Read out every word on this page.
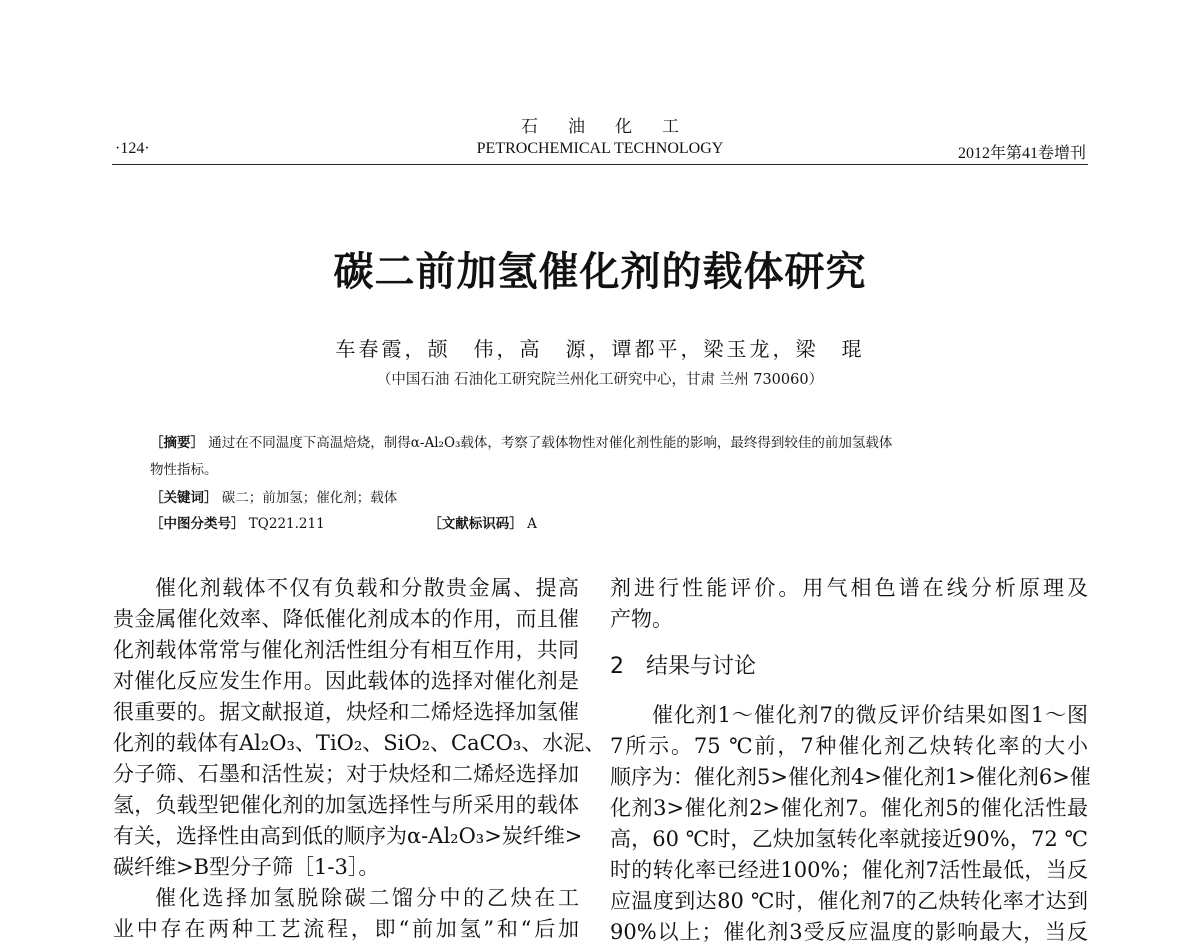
石油化工
·124·	PETROCHEMICAL TECHNOLOGY	2012年第41卷增刊
碳二前加氢催化剂的载体研究
车春霞，颉　伟，高　源，谭都平，梁玉龙，梁　琨
（中国石油 石油化工研究院兰州化工研究中心，甘肃 兰州 730060）
［摘要］ 通过在不同温度下高温焙烧，制得α-Al₂O₃载体，考察了载体物性对催化剂性能的影响，最终得到较佳的前加氢载体
物性指标。
［关键词］ 碳二；前加氢；催化剂；载体
［中图分类号］ TQ221.211	［文献标识码］ A
催化剂载体不仅有负载和分散贵金属、提高
贵金属催化效率、降低催化剂成本的作用，而且催
化剂载体常常与催化剂活性组分有相互作用，共同
对催化反应发生作用。因此载体的选择对催化剂是
很重要的。据文献报道，炔烃和二烯烃选择加氢催
化剂的载体有Al₂O₃、TiO₂、SiO₂、CaCO₃、水泥、
分子筛、石墨和活性炭；对于炔烃和二烯烃选择加
氢，负载型钯催化剂的加氢选择性与所采用的载体
有关，选择性由高到低的顺序为α-Al₂O₃>炭纤维>
碳纤维>B型分子筛［1-3］。
催化选择加氢脱除碳二馏分中的乙炔在工
业中存在两种工艺流程，即“前加氢”和“后加
剂进行性能评价。用气相色谱在线分析原理及
产物。
2　结果与讨论
催化剂1～催化剂7的微反评价结果如图1～图
7所示。75 ℃前，7种催化剂乙炔转化率的大小
顺序为：催化剂5>催化剂4>催化剂1>催化剂6>催
化剂3>催化剂2>催化剂7。催化剂5的催化活性最
高，60 ℃时，乙炔加氢转化率就接近90%，72 ℃
时的转化率已经进100%；催化剂7活性最低，当反
应温度到达80 ℃时，催化剂7的乙炔转化率才达到
90%以上；催化剂3受反应温度的影响最大，当反
